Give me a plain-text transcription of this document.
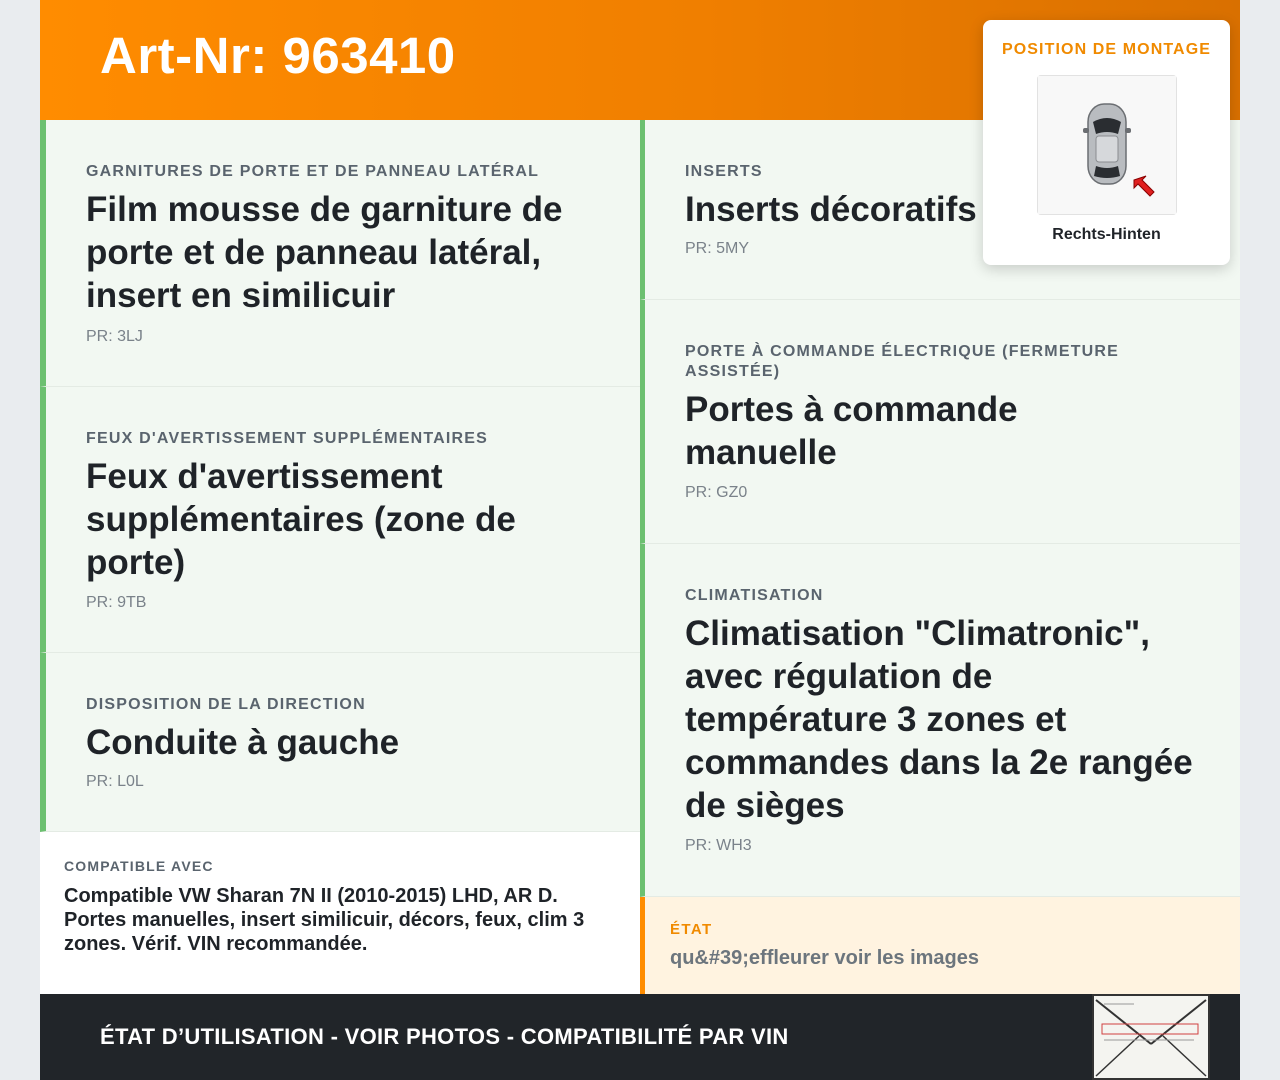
Art-Nr: 963410
GARNITURES DE PORTE ET DE PANNEAU LATÉRAL
Film mousse de garniture de porte et de panneau latéral, insert en similicuir
PR: 3LJ
FEUX D'AVERTISSEMENT SUPPLÉMENTAIRES
Feux d'avertissement supplémentaires (zone de porte)
PR: 9TB
DISPOSITION DE LA DIRECTION
Conduite à gauche
PR: L0L
INSERTS
Inserts décoratifs
PR: 5MY
PORTE À COMMANDE ÉLECTRIQUE (FERMETURE ASSISTÉE)
Portes à commande manuelle
PR: GZ0
CLIMATISATION
Climatisation "Climatronic", avec régulation de température 3 zones et commandes dans la 2e rangée de sièges
PR: WH3
COMPATIBLE AVEC
Compatible VW Sharan 7N II (2010-2015) LHD, AR D. Portes manuelles, insert similicuir, décors, feux, clim 3 zones. Vérif. VIN recommandée.
ÉTAT
qu&#39;effleurer voir les images
ÉTAT D’UTILISATION - VOIR PHOTOS - COMPATIBILITÉ PAR VIN
POSITION DE MONTAGE
Rechts-Hinten
